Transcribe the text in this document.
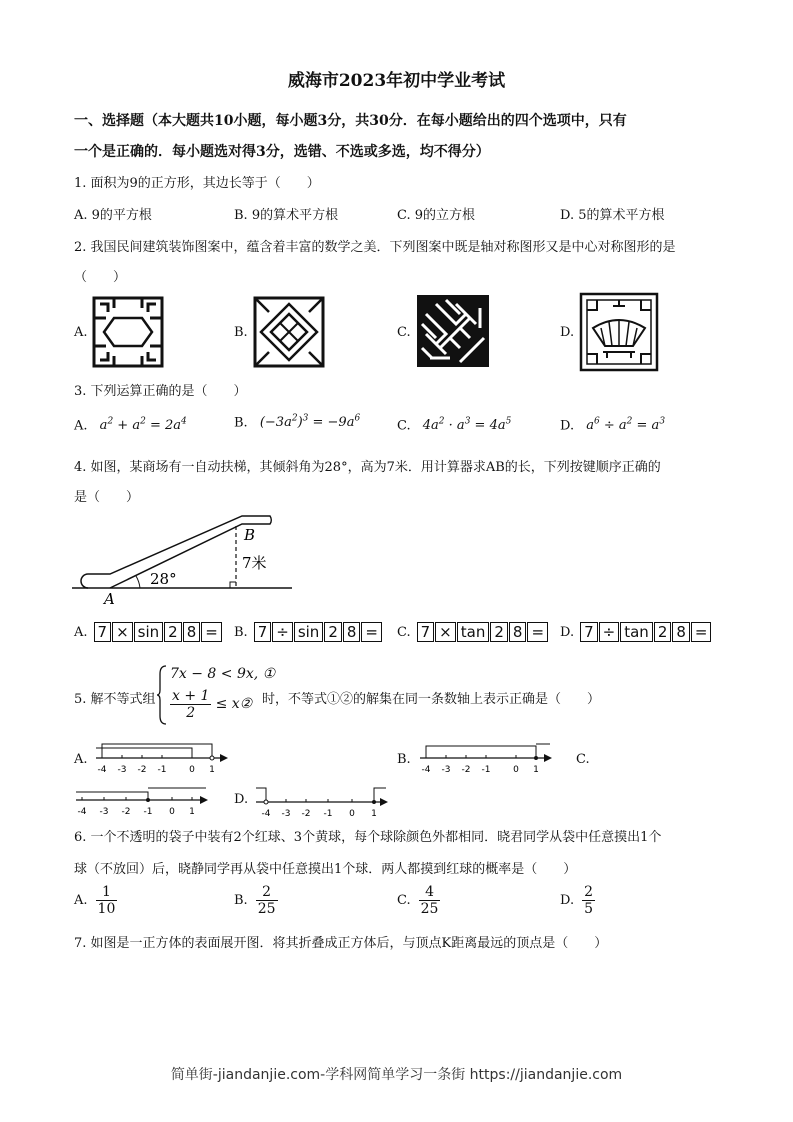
威海市2023年初中学业考试
一、选择题（本大题共10小题，每小题3分，共30分．在每小题给出的四个选项中，只有
一个是正确的．每小题选对得3分，选错、不选或多选，均不得分）
1. 面积为9的正方形，其边长等于（　　）
A. 9的平方根	B. 9的算术平方根	C. 9的立方根	D. 5的算术平方根
2. 我国民间建筑装饰图案中，蕴含着丰富的数学之美．下列图案中既是轴对称图形又是中心对称图形的是
（　　）
A.	B.	C.	D.
3. 下列运算正确的是（　　）
A. $a^2 + a^2 = 2a^4$	B. $(-3a^2)^3 = -9a^6$	C. $4a^2 \cdot a^3 = 4a^5$	D. $a^6 \div a^2 = a^3$
4. 如图，某商场有一自动扶梯，其倾斜角为28°，高为7米．用计算器求AB的长，下列按键顺序正确的
是（　　）
28°
7米
A
B
A. 7 × sin 2 8 =	B. 7 ÷ sin 2 8 =	C. 7 × tan 2 8 =	D. 7 ÷ tan 2 8 =
5. 解不等式组
7x − 8 < 9x, ①
$\frac{x + 1}{2}$ ≤ x② 时，不等式①②的解集在同一条数轴上表示正确是（　　）
A.
-4 -3 -2 -1	0 1
B.
-4 -3 -2 -1	0 1
C.
-4 -3 -2 -1 0 1
D.
-4 -3 -2 -1 0 1
6. 一个不透明的袋子中装有2个红球、3个黄球，每个球除颜色外都相同．晓君同学从袋中任意摸出1个
球（不放回）后，晓静同学再从袋中任意摸出1个球．两人都摸到红球的概率是（　　）
A. $\frac{1}{10}$	B. $\frac{2}{25}$	C. $\frac{4}{25}$	D. $\frac{2}{5}$
7. 如图是一正方体的表面展开图．将其折叠成正方体后，与顶点K距离最远的顶点是（　　）
简单街-jiandanjie.com-学科网简单学习一条街 https://jiandanjie.com
